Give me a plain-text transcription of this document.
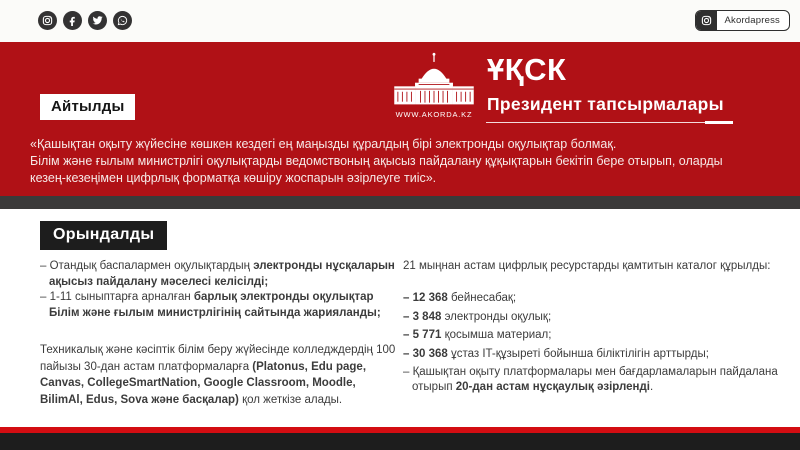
Akordapress
Айтылды	WWW.AKORDA.KZ
ҰҚСК
Президент тапсырмалары
«Қашықтан оқыту жүйесіне көшкен кездегі ең маңызды құралдың бірі электронды оқулықтар болмақ.
Білім және ғылым министрлігі оқулықтарды ведомствоның ақысыз пайдалану құқықтарын бекітіп бере отырып, оларды
кезең-кезеңімен цифрлық форматқа көшіру жоспарын әзірлеуге тиіс».
Орындалды
– Отандық баспалармен оқулықтардың электронды нұсқаларын ақысыз пайдалану мәселесі келісілді;
– 1-11 сыныптарға арналған барлық электронды оқулықтар Білім және ғылым министрлігінің сайтында жарияланды;
Техникалық және кәсіптік білім беру жүйесінде колледждердің 100 пайызы 30-дан астам платформаларға (Platonus, Edu page, Canvas, CollegeSmartNation, Google Classroom, Moodle, BilimAl, Edus, Sova және басқалар) қол жеткізе алады.
21 мыңнан астам цифрлық ресурстарды қамтитын каталог құрылды:
– 12 368 бейнесабақ;
– 3 848 электронды оқулық;
– 5 771 қосымша материал;
– 30 368 ұстаз IT-құзыреті бойынша біліктілігін арттырды;
– Қашықтан оқыту платформалары мен бағдарламаларын пайдалана отырып 20-дан астам нұсқаулық әзірленді.
